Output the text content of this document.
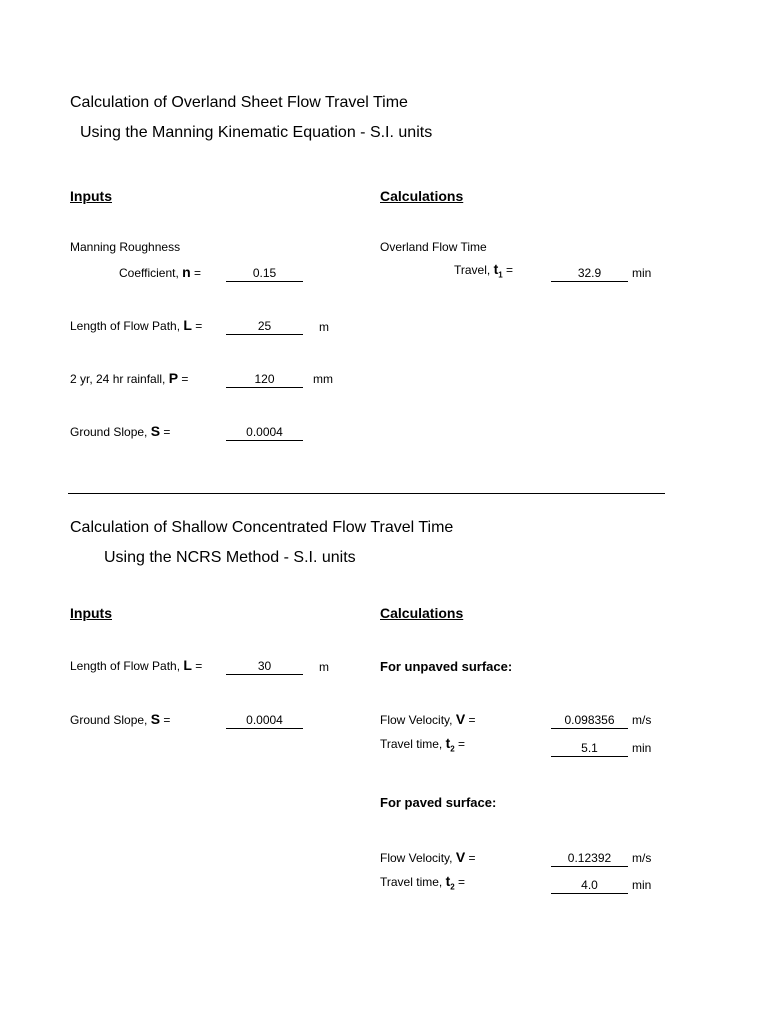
Calculation of Overland Sheet Flow Travel Time
Using the Manning Kinematic Equation - S.I. units
Inputs	Calculations
Manning Roughness
Coefficient, n =	0.15
Length of Flow Path, L =	25	m
2 yr, 24 hr rainfall, P =	120	mm
Ground Slope, S =	0.0004
Overland Flow Time
Travel, $t_1$ =	32.9	min
Calculation of Shallow Concentrated Flow Travel Time
Using the NCRS Method - S.I. units
Inputs	Calculations
Length of Flow Path, L =	30	m
Ground Slope, S =	0.0004
For unpaved surface:
Flow Velocity, V =	0.098356	m/s
Travel time, $t_2$ =	5.1	min
For paved surface:
Flow Velocity, V =	0.12392	m/s
Travel time, $t_2$ =	4.0	min
